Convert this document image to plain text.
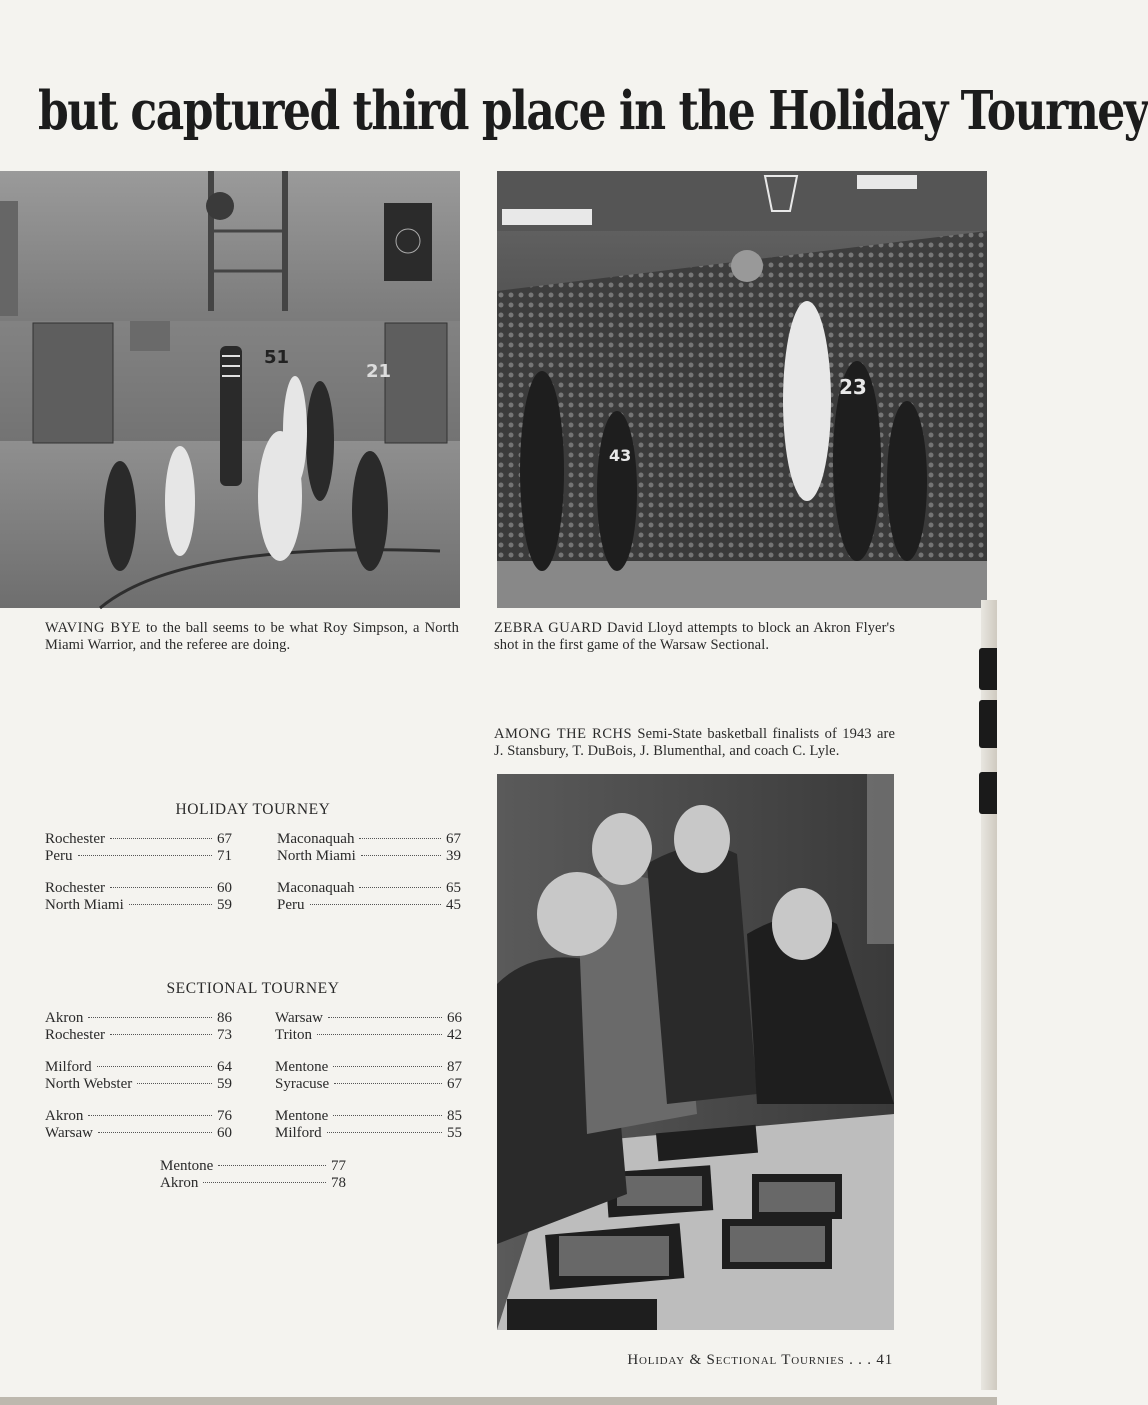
but captured third place in the Holiday Tourney
51
21
23
43
WAVING BYE to the ball seems to be what Roy Simpson, a North Miami Warrior, and the referee are doing.
ZEBRA GUARD David Lloyd attempts to block an Akron Flyer's shot in the first game of the Warsaw Sectional.
AMONG THE RCHS Semi-State basketball finalists of 1943 are J. Stansbury, T. DuBois, J. Blumenthal, and coach C. Lyle.
HOLIDAY TOURNEY
Rochester	67
Peru	71
Rochester	60
North Miami	59
Maconaquah	67
North Miami	39
Maconaquah	65
Peru	45
SECTIONAL TOURNEY
Akron	86
Rochester	73
Milford	64
North Webster	59
Akron	76
Warsaw	60
Warsaw	66
Triton	42
Mentone	87
Syracuse	67
Mentone	85
Milford	55
Mentone	77
Akron	78
Holiday & Sectional Tournies . . . 41
